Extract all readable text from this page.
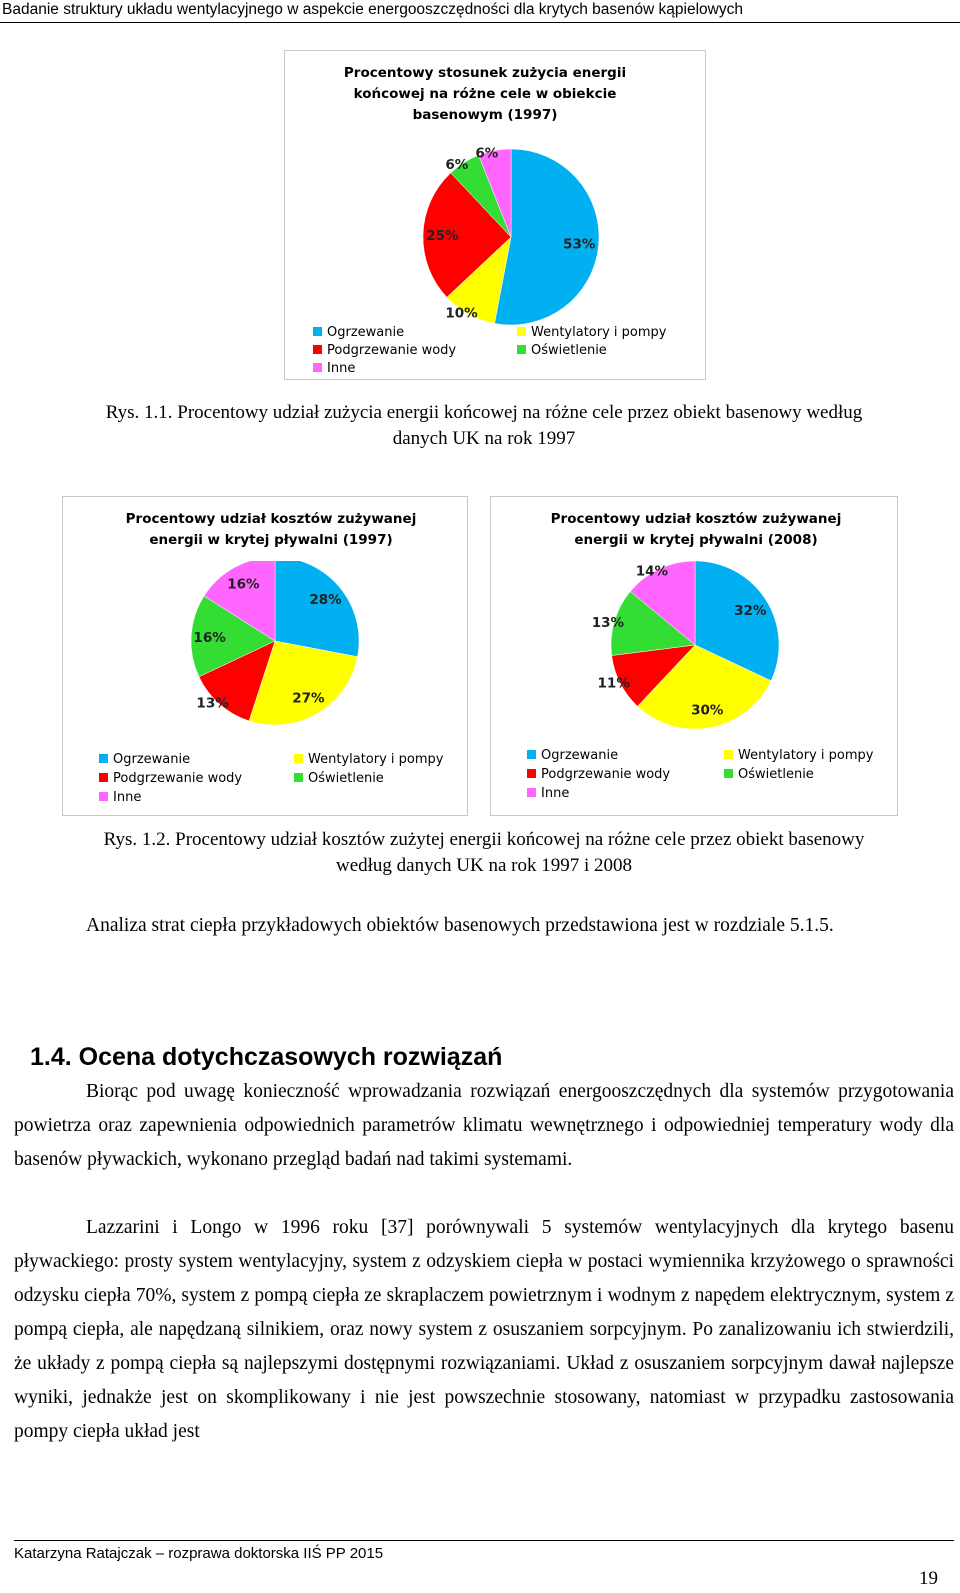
Badanie struktury układu wentylacyjnego w aspekcie energooszczędności dla krytych basenów kąpielowych
Procentowy stosunek zużycia energii
końcowej na różne cele w obiekcie
basenowym (1997)
53%
10%
25%
6%
6%
Ogrzewanie
Podgrzewanie wody
Inne
Wentylatory i pompy
Oświetlenie
Rys. 1.1. Procentowy udział zużycia energii końcowej na różne cele przez obiekt basenowy według
danych UK na rok 1997
Procentowy udział kosztów zużywanej
energii w krytej pływalni (1997)
28%
27%
13%
16%
16%
Ogrzewanie
Podgrzewanie wody
Inne
Wentylatory i pompy
Oświetlenie
Procentowy udział kosztów zużywanej
energii w krytej pływalni (2008)
32%
30%
11%
13%
14%
Ogrzewanie
Podgrzewanie wody
Inne
Wentylatory i pompy
Oświetlenie
Rys. 1.2. Procentowy udział kosztów zużytej energii końcowej na różne cele przez obiekt basenowy
według danych UK na rok 1997 i 2008
Analiza strat ciepła przykładowych obiektów basenowych przedstawiona jest w rozdziale 5.1.5.
1.4. Ocena dotychczasowych rozwiązań
Biorąc pod uwagę konieczność wprowadzania rozwiązań energooszczędnych dla systemów przygotowania powietrza oraz zapewnienia odpowiednich parametrów klimatu wewnętrznego i odpowiedniej temperatury wody dla basenów pływackich, wykonano przegląd badań nad takimi systemami.
Lazzarini i Longo w 1996 roku [37] porównywali 5 systemów wentylacyjnych dla krytego basenu pływackiego: prosty system wentylacyjny, system z odzyskiem ciepła w postaci wymiennika krzyżowego o sprawności odzysku ciepła 70%, system z pompą ciepła ze skraplaczem powietrznym i wodnym z napędem elektrycznym, system z pompą ciepła, ale napędzaną silnikiem, oraz nowy system z osuszaniem sorpcyjnym. Po zanalizowaniu ich stwierdzili, że układy z pompą ciepła są najlepszymi dostępnymi rozwiązaniami. Układ z osuszaniem sorpcyjnym dawał najlepsze wyniki, jednakże jest on skomplikowany i nie jest powszechnie stosowany, natomiast w przypadku zastosowania pompy ciepła układ jest
Katarzyna Ratajczak – rozprawa doktorska IIŚ PP 2015
19
